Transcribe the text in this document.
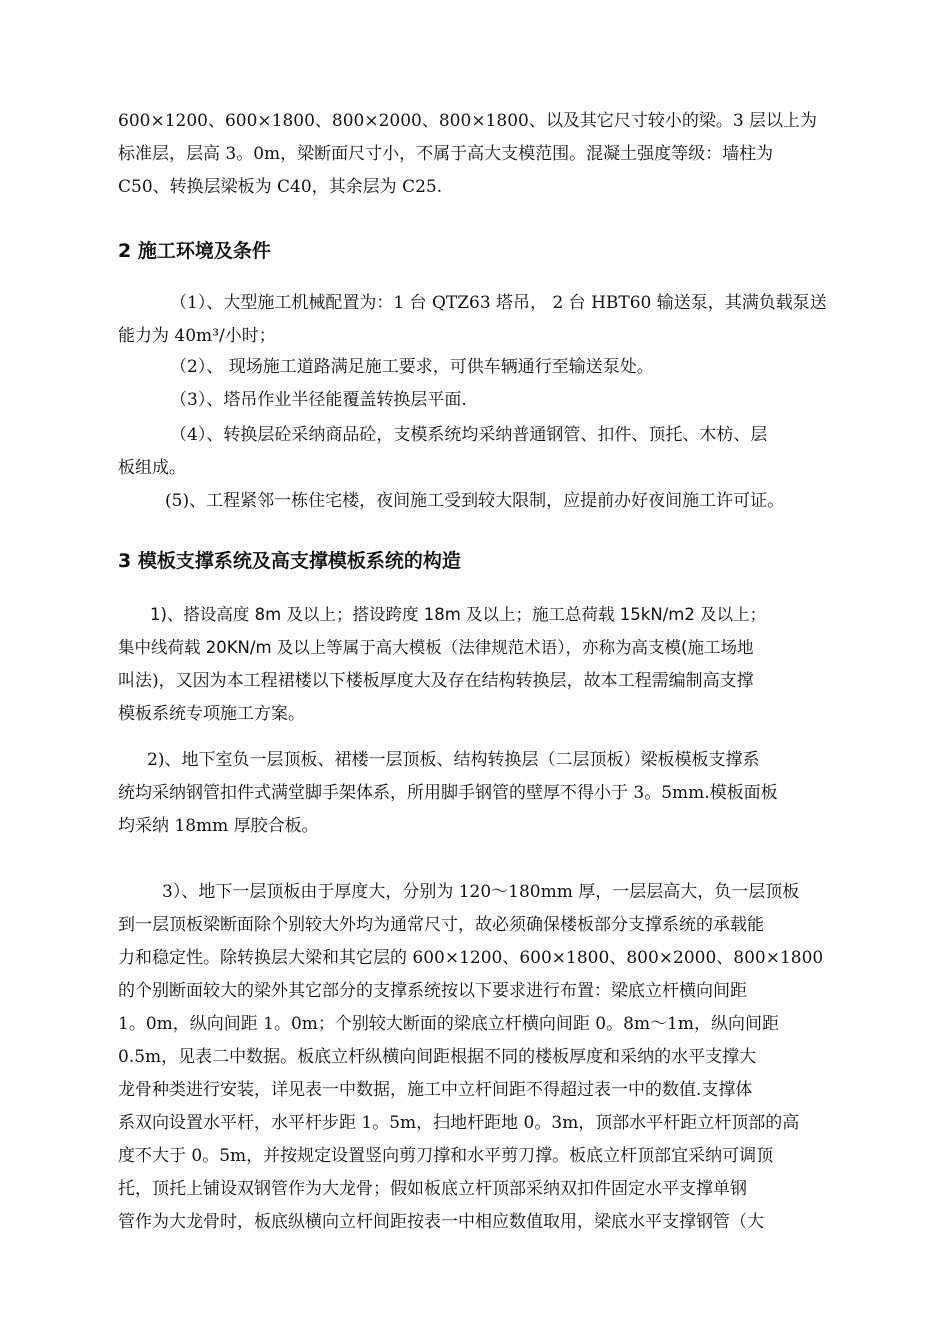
600×1200、600×1800、800×2000、800×1800、以及其它尺寸较小的梁。3 层以上为
标准层，层高 3。0m，梁断面尺寸小，不属于高大支模范围。混凝土强度等级：墙柱为
C50、转换层梁板为 C40，其余层为 C25.
2 施工环境及条件
（1）、大型施工机械配置为：1 台 QTZ63 塔吊， 2 台 HBT60 输送泵，其满负载泵送
能力为 40m³/小时；
（2）、 现场施工道路满足施工要求，可供车辆通行至输送泵处。
（3）、塔吊作业半径能覆盖转换层平面.
（4）、转换层砼采纳商品砼，支模系统均采纳普通钢管、扣件、顶托、木枋、层
板组成。
(5)、工程紧邻一栋住宅楼，夜间施工受到较大限制，应提前办好夜间施工许可证。
3 模板支撑系统及高支撑模板系统的构造
1)、搭设高度 8m 及以上；搭设跨度 18m 及以上；施工总荷载 15kN/m2 及以上；
集中线荷载 20KN/m 及以上等属于高大模板（法律规范术语），亦称为高支模(施工场地
叫法)，又因为本工程裙楼以下楼板厚度大及存在结构转换层，故本工程需编制高支撑
模板系统专项施工方案。
2)、地下室负一层顶板、裙楼一层顶板、结构转换层（二层顶板）梁板模板支撑系
统均采纳钢管扣件式满堂脚手架体系，所用脚手钢管的壁厚不得小于 3。5mm.模板面板
均采纳 18mm 厚胶合板。
3）、地下一层顶板由于厚度大，分别为 120～180mm 厚，一层层高大，负一层顶板
到一层顶板梁断面除个别较大外均为通常尺寸，故必须确保楼板部分支撑系统的承载能
力和稳定性。除转换层大梁和其它层的 600×1200、600×1800、800×2000、800×1800
的个别断面较大的梁外其它部分的支撑系统按以下要求进行布置：梁底立杆横向间距
1。0m，纵向间距 1。0m；个别较大断面的梁底立杆横向间距 0。8m～1m，纵向间距
0.5m，见表二中数据。板底立杆纵横向间距根据不同的楼板厚度和采纳的水平支撑大
龙骨种类进行安装，详见表一中数据，施工中立杆间距不得超过表一中的数值.支撑体
系双向设置水平杆，水平杆步距 1。5m，扫地杆距地 0。3m，顶部水平杆距立杆顶部的高
度不大于 0。5m，并按规定设置竖向剪刀撑和水平剪刀撑。板底立杆顶部宜采纳可调顶
托，顶托上铺设双钢管作为大龙骨；假如板底立杆顶部采纳双扣件固定水平支撑单钢
管作为大龙骨时，板底纵横向立杆间距按表一中相应数值取用，梁底水平支撑钢管（大
